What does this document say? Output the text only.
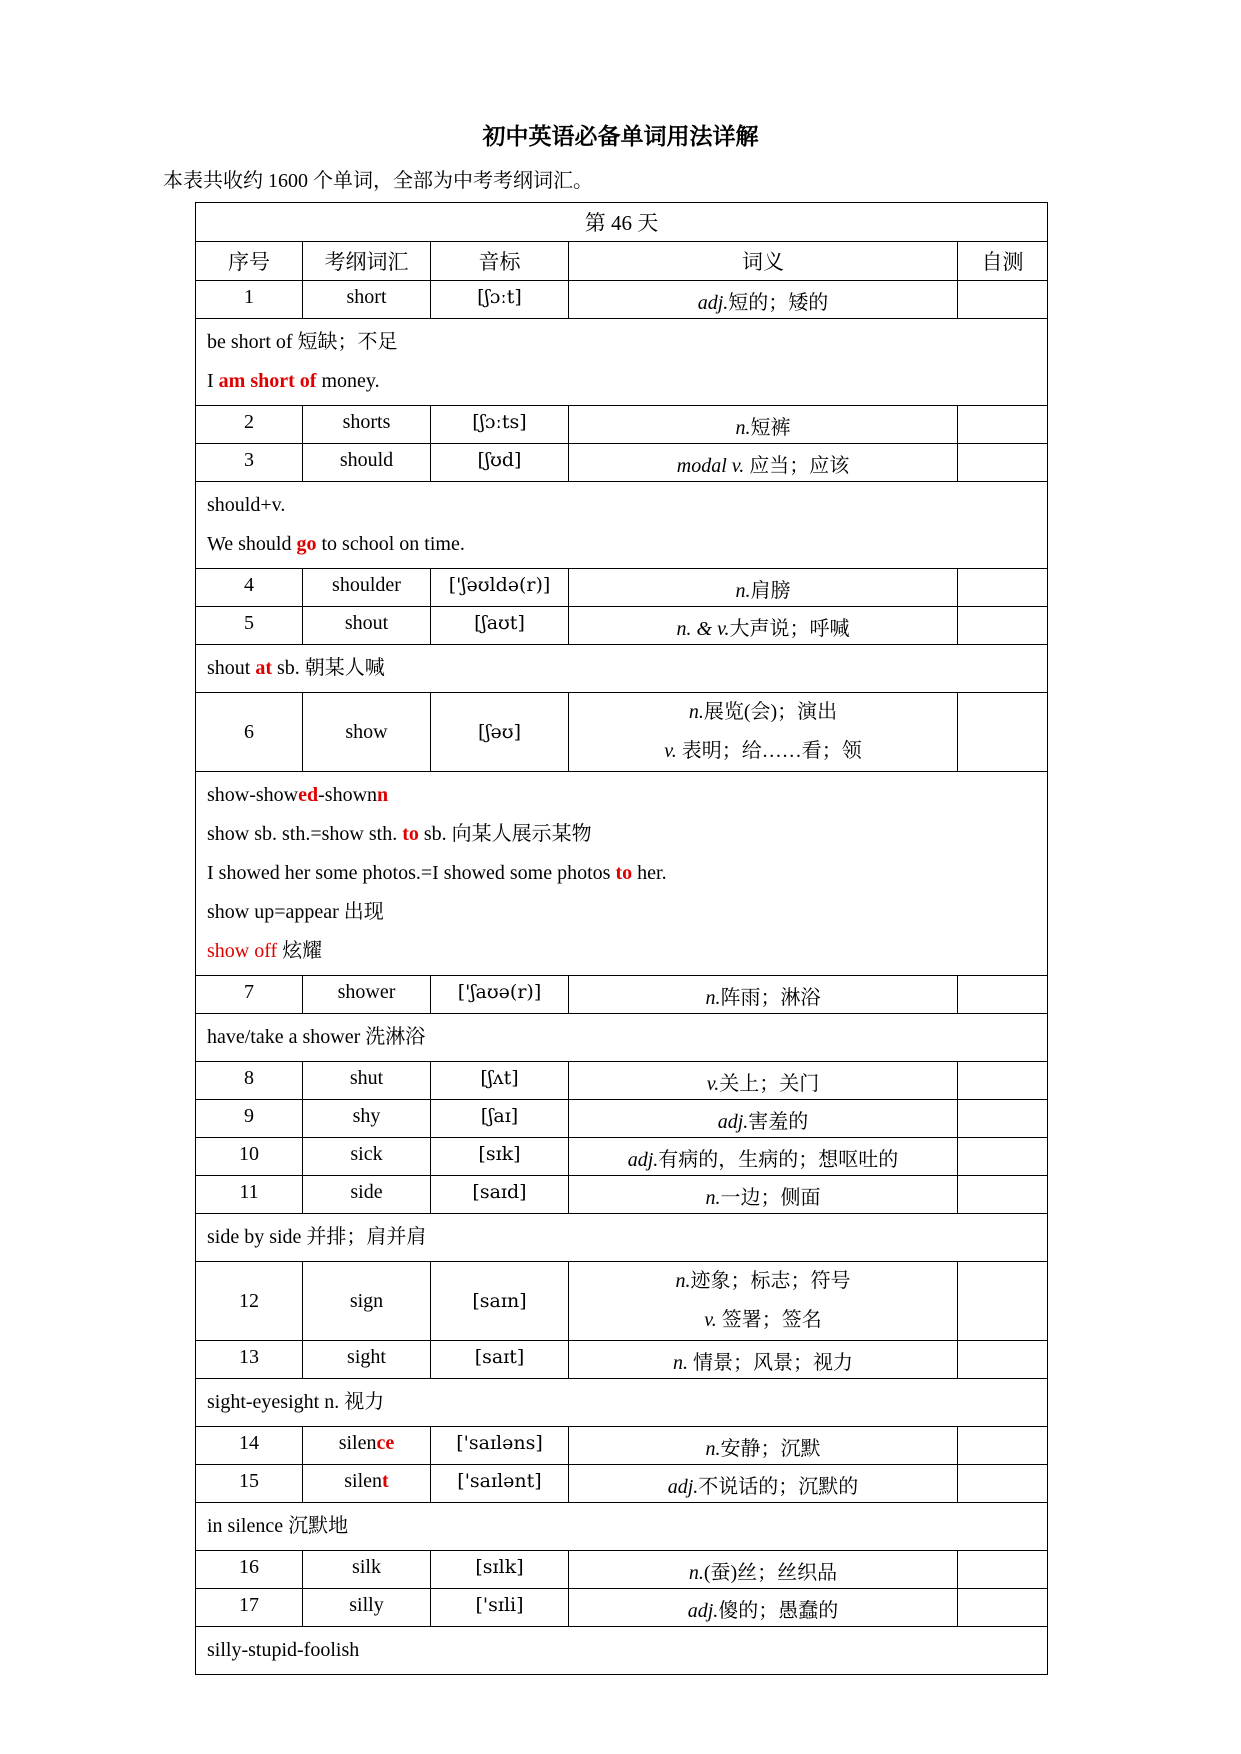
初中英语必备单词用法详解
本表共收约 1600 个单词，全部为中考考纲词汇。
第 46 天				
序号	考纲词汇	音标	词义	自测
1	short	[ʃɔːt]	adj.短的；矮的	

be short of 短缺；不足
I am short of money.				

2	shorts	[ʃɔːts]	n.短裤	
3	should	[ʃʊd]	modal v. 应当；应该	

should+v.
We should go to school on time.				

4	shoulder	['ʃəʊldə(r)]	n.肩膀	
5	shout	[ʃaʊt]	n. & v.大声说；呼喊	

shout at sb. 朝某人喊				

6	show	[ʃəʊ]	n.展览(会)；演出
v. 表明；给……看；领	

show-showed-shownn
show sb. sth.=show sth. to sb. 向某人展示某物
I showed her some photos.=I showed some photos to her.
show up=appear 出现
show off 炫耀				

7	shower	['ʃaʊə(r)]	n.阵雨；淋浴	

have/take a shower 洗淋浴				

8	shut	[ʃʌt]	v.关上；关门	
9	shy	[ʃaɪ]	adj.害羞的	
10	sick	[sɪk]	adj.有病的，生病的；想呕吐的	
11	side	[saɪd]	n.一边；侧面	

side by side 并排；肩并肩				

12	sign	[saɪn]	n.迹象；标志；符号
v. 签署；签名	

13	sight	[saɪt]	n. 情景；风景；视力	

sight-eyesight n. 视力				

14	silence	['saɪləns]	n.安静；沉默	
15	silent	['saɪlənt]	adj.不说话的；沉默的	

in silence 沉默地				

16	silk	[sɪlk]	n.(蚕)丝；丝织品	
17	silly	['sɪli]	adj.傻的；愚蠢的	

silly-stupid-foolish				
